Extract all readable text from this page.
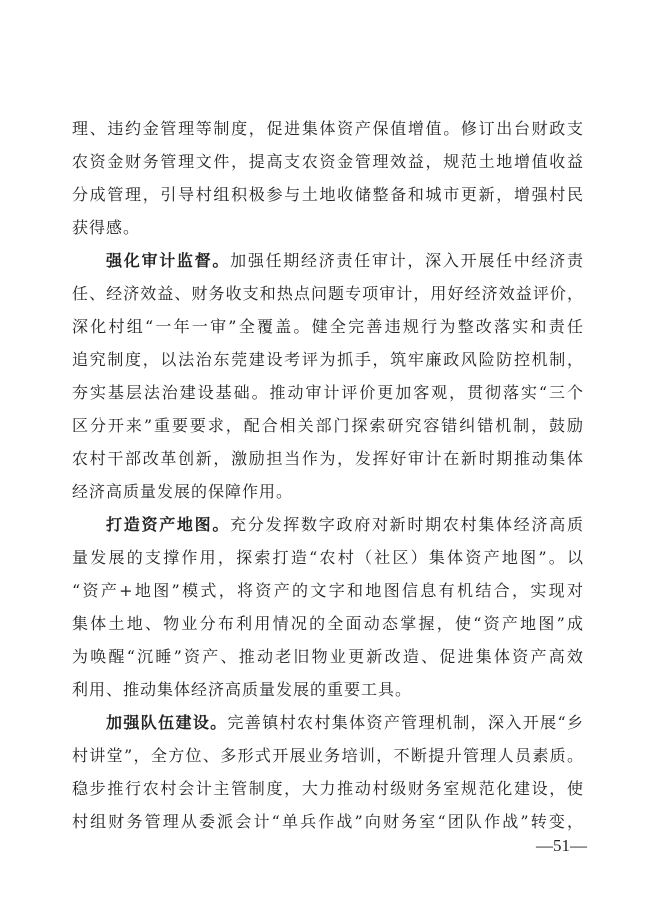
理、违约金管理等制度，促进集体资产保值增值。修订出台财政支
农资金财务管理文件，提高支农资金管理效益，规范土地增值收益
分成管理，引导村组积极参与土地收储整备和城市更新，增强村民
获得感。
强化审计监督。加强任期经济责任审计，深入开展任中经济责
任、经济效益、财务收支和热点问题专项审计，用好经济效益评价，
深化村组“一年一审”全覆盖。健全完善违规行为整改落实和责任
追究制度，以法治东莞建设考评为抓手，筑牢廉政风险防控机制，
夯实基层法治建设基础。推动审计评价更加客观，贯彻落实“三个
区分开来”重要要求，配合相关部门探索研究容错纠错机制，鼓励
农村干部改革创新，激励担当作为，发挥好审计在新时期推动集体
经济高质量发展的保障作用。
打造资产地图。充分发挥数字政府对新时期农村集体经济高质
量发展的支撑作用，探索打造“农村（社区）集体资产地图”。以
“资产+地图”模式，将资产的文字和地图信息有机结合，实现对
集体土地、物业分布利用情况的全面动态掌握，使“资产地图”成
为唤醒“沉睡”资产、推动老旧物业更新改造、促进集体资产高效
利用、推动集体经济高质量发展的重要工具。
加强队伍建设。完善镇村农村集体资产管理机制，深入开展“乡
村讲堂”，全方位、多形式开展业务培训，不断提升管理人员素质。
稳步推行农村会计主管制度，大力推动村级财务室规范化建设，使
村组财务管理从委派会计“单兵作战”向财务室“团队作战”转变，
—51—
